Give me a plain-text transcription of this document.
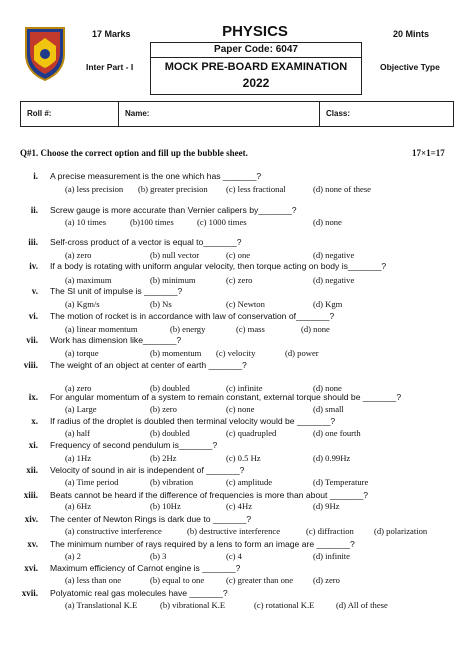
17 Marks	PHYSICS	20 Mints
Paper Code: 6047
MOCK PRE-BOARD EXAMINATION
2022
Inter Part - I	Objective Type
Roll #:	Name:	Class:
Q#1. Choose the correct option and fill up the bubble sheet.	17×1=17
i. A precise measurement is the one which has _______?
(a) less precision (b) greater precision (c) less fractional	(d) none of these
ii. Screw gauge is more accurate than Vernier calipers by_______?
(a) 10 times	(b)100 times	(c) 1000 times	(d) none
iii. Self-cross product of a vector is equal to_______?
(a) zero	(b) null vector	(c) one	(d) negative
iv. If a body is rotating with uniform angular velocity, then torque acting on body is_______?
(a) maximum	(b) minimum	(c) zero	(d) negative
v. The SI unit of impulse is _______?
(a) Kgm/s	(b) Ns	(c) Newton	(d) Kgm
vi. The motion of rocket is in accordance with law of conservation of_______?
(a) linear momentum	(b) energy	(c) mass	(d) none
vii. Work has dimension like_______?
(a) torque	(b) momentum (c) velocity	(d) power
viii. The weight of an object at center of earth _______?
(a) zero	(b) doubled	(c) infinite	(d) none
ix. For angular momentum of a system to remain constant, external torque should be _______?
(a) Large	(b) zero	(c) none	(d) small
x. If radius of the droplet is doubled then terminal velocity would be _______?
(a) half	(b) doubled	(c) quadrupled	(d) one fourth
xi. Frequency of second pendulum is_______?
(a) 1Hz	(b) 2Hz	(c) 0.5 Hz	(d) 0.99Hz
xii. Velocity of sound in air is independent of _______?
(a) Time period	(b) vibration	(c) amplitude	(d) Temperature
xiii. Beats cannot be heard if the difference of frequencies is more than about _______?
(a) 6Hz	(b) 10Hz	(c) 4Hz	(d) 9Hz
xiv. The center of Newton Rings is dark due to _______?
(a) constructive interference	(b) destructive interference	(c) diffraction (d) polarization
xv. The minimum number of rays required by a lens to form an image are _______?
(a) 2	(b) 3	(c) 4	(d) infinite
xvi. Maximum efficiency of Carnot engine is _______?
(a) less than one	(b) equal to one	(c) greater than one (d) zero
xvii. Polyatomic real gas molecules have _______?
(a) Translational K.E	(b) vibrational K.E	(c) rotational K.E	(d) All of these
